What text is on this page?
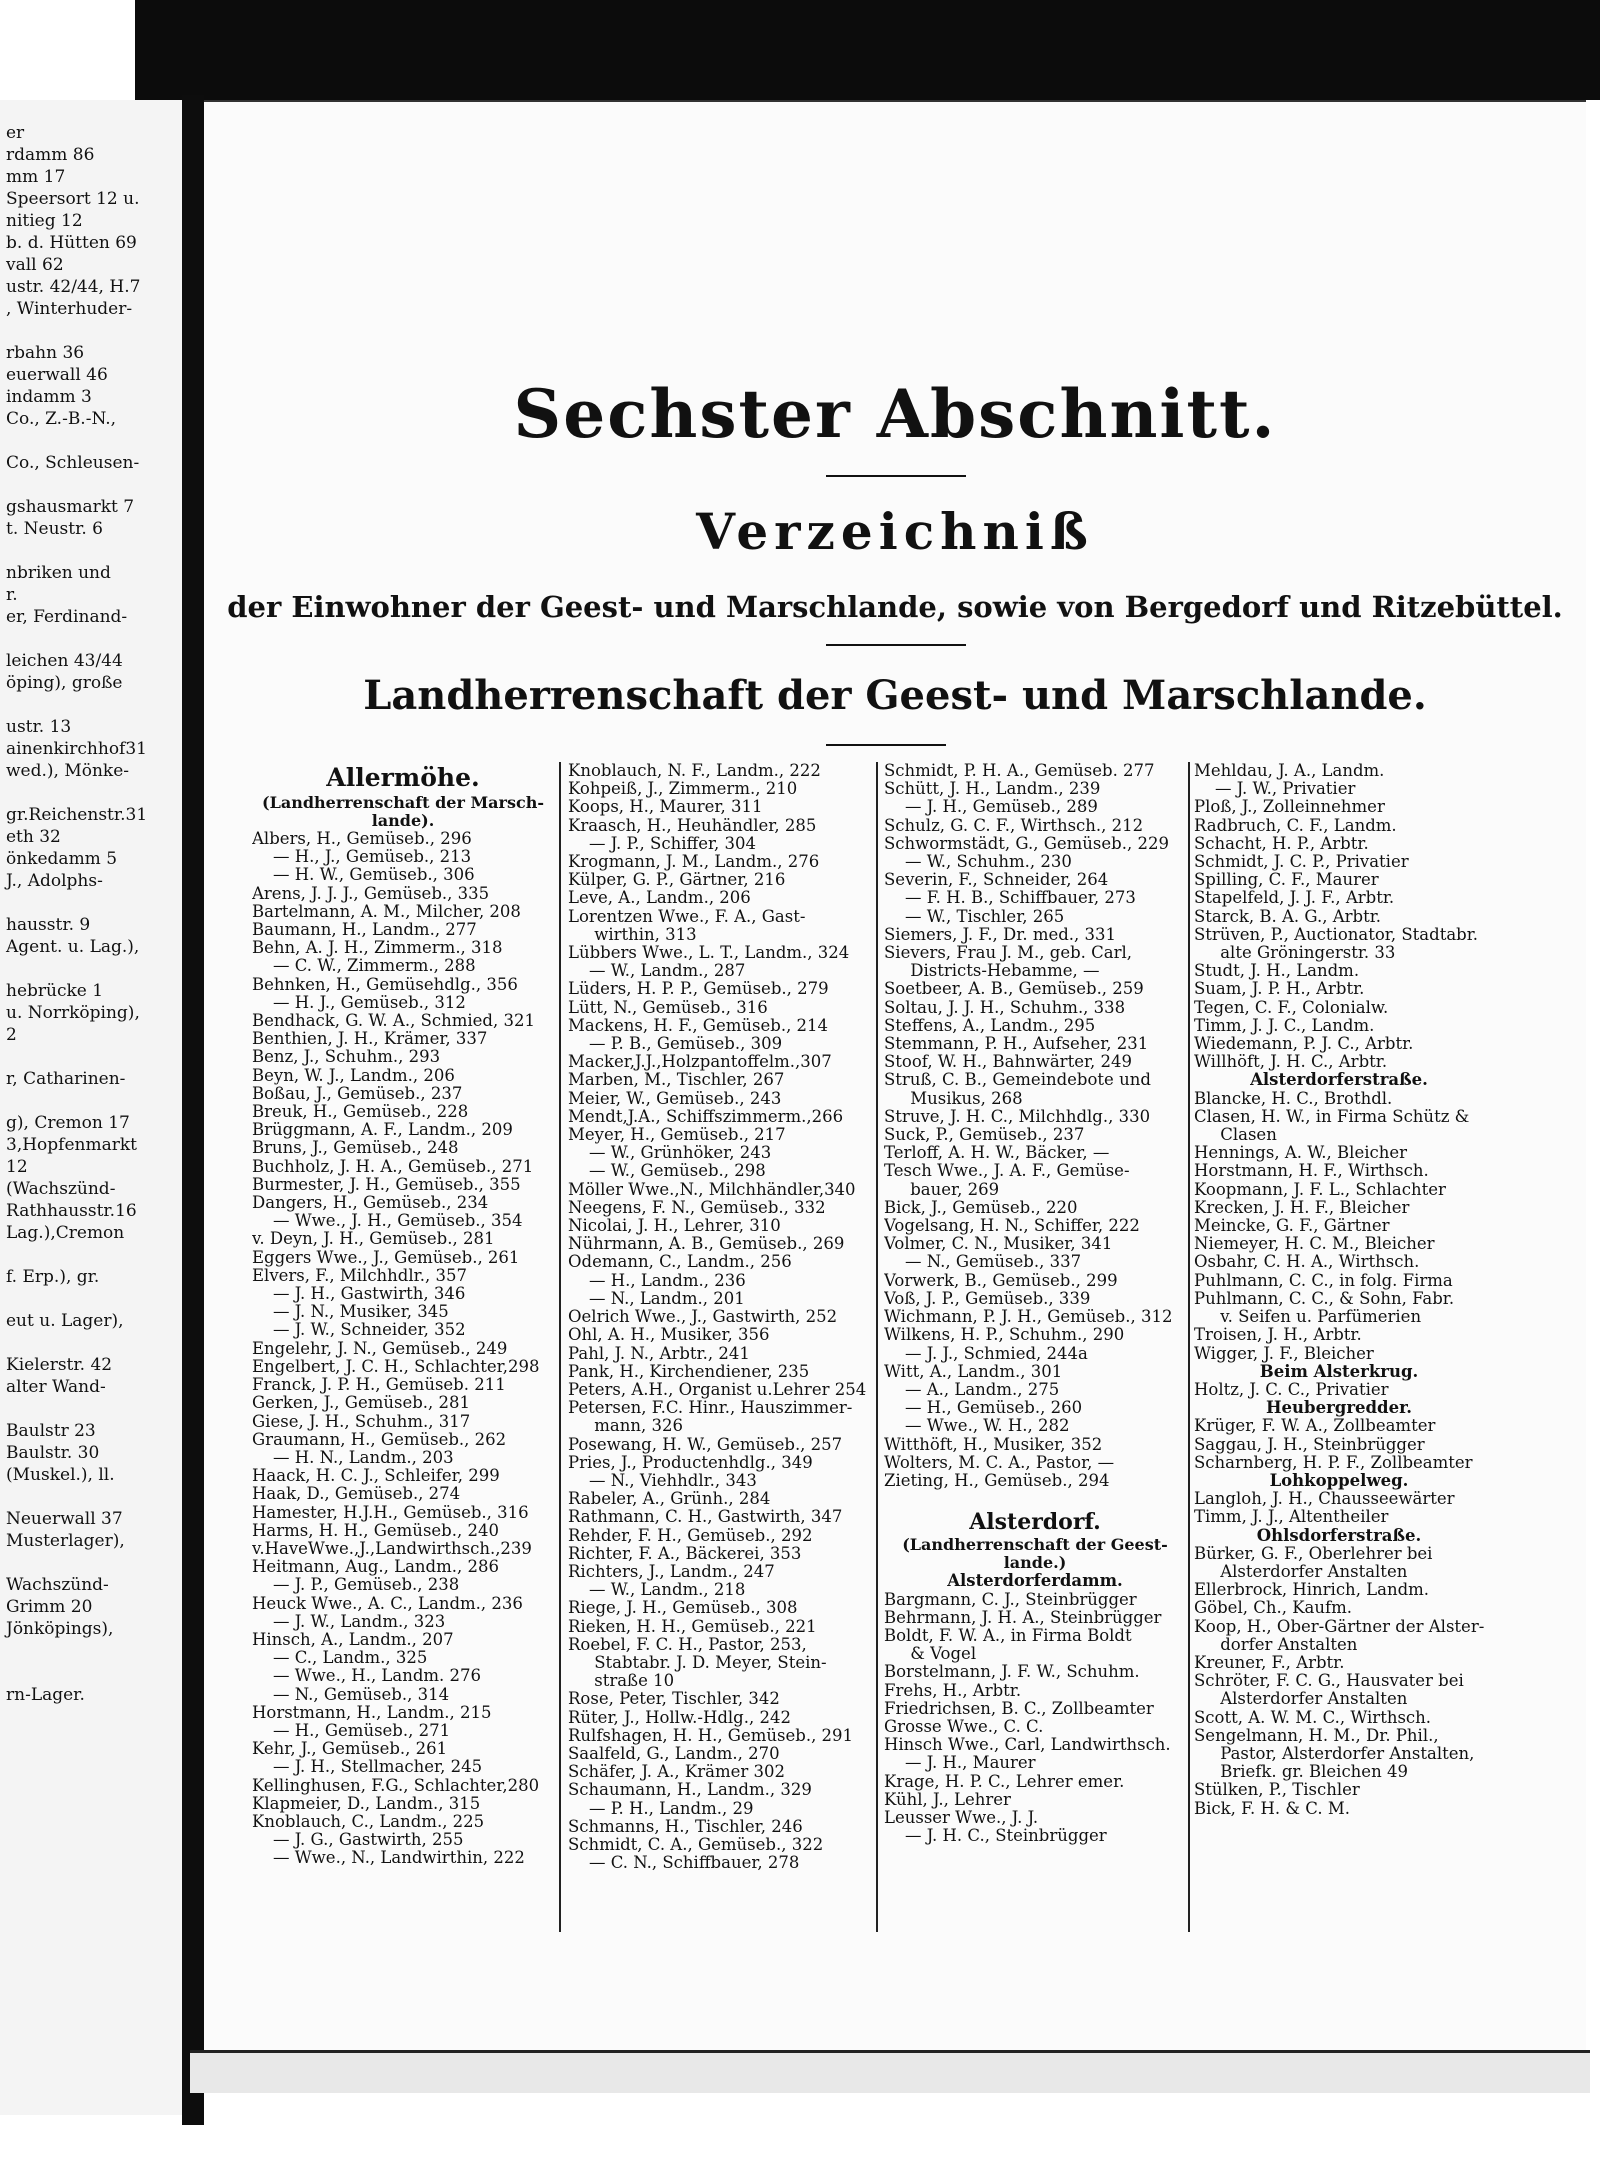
er
rdamm 86
mm 17
Speersort 12 u.
nitieg 12
b. d. Hütten 69
vall 62
ustr. 42/44, H.7
, Winterhuder-

rbahn 36
euerwall 46
indamm 3
Co., Z.-B.-N.,

Co., Schleusen-

gshausmarkt 7
t. Neustr. 6

nbriken und
r.
er, Ferdinand-

leichen 43/44
öping), große

ustr. 13
ainenkirchhof31
wed.), Mönke-

gr.Reichenstr.31
eth 32
önkedamm 5
J., Adolphs-

hausstr. 9
Agent. u. Lag.),

hebrücke 1
u. Norrköping),
2

r, Catharinen-

g), Cremon 17
3,Hopfenmarkt
12
(Wachszünd-
Rathhausstr.16
Lag.),Cremon

f. Erp.), gr.

eut u. Lager),

Kielerstr. 42
alter Wand-

Baulstr 23
Baulstr. 30
(Muskel.), ll.

Neuerwall 37
Musterlager),

Wachszünd-
Grimm 20
Jönköpings),

rn-Lager.
Sechster Abschnitt.
Verzeichniß
der Einwohner der Geest- und Marschlande, sowie von Bergedorf und Ritzebüttel.
Landherrenschaft der Geest- und Marschlande.
Allermöhe.
(Landherrenschaft der Marsch-
lande).
Albers, H., Gemüseb., 296
— H., J., Gemüseb., 213
— H. W., Gemüseb., 306
Arens, J. J. J., Gemüseb., 335
Bartelmann, A. M., Milcher, 208
Baumann, H., Landm., 277
Behn, A. J. H., Zimmerm., 318
— C. W., Zimmerm., 288
Behnken, H., Gemüsehdlg., 356
— H. J., Gemüseb., 312
Bendhack, G. W. A., Schmied, 321
Benthien, J. H., Krämer, 337
Benz, J., Schuhm., 293
Beyn, W. J., Landm., 206
Boßau, J., Gemüseb., 237
Breuk, H., Gemüseb., 228
Brüggmann, A. F., Landm., 209
Bruns, J., Gemüseb., 248
Buchholz, J. H. A., Gemüseb., 271
Burmester, J. H., Gemüseb., 355
Dangers, H., Gemüseb., 234
— Wwe., J. H., Gemüseb., 354
v. Deyn, J. H., Gemüseb., 281
Eggers Wwe., J., Gemüseb., 261
Elvers, F., Milchhdlr., 357
— J. H., Gastwirth, 346
— J. N., Musiker, 345
— J. W., Schneider, 352
Engelehr, J. N., Gemüseb., 249
Engelbert, J. C. H., Schlachter,298
Franck, J. P. H., Gemüseb. 211
Gerken, J., Gemüseb., 281
Giese, J. H., Schuhm., 317
Graumann, H., Gemüseb., 262
— H. N., Landm., 203
Haack, H. C. J., Schleifer, 299
Haak, D., Gemüseb., 274
Hamester, H.J.H., Gemüseb., 316
Harms, H. H., Gemüseb., 240
v.HaveWwe.,J.,Landwirthsch.,239
Heitmann, Aug., Landm., 286
— J. P., Gemüseb., 238
Heuck Wwe., A. C., Landm., 236
— J. W., Landm., 323
Hinsch, A., Landm., 207
— C., Landm., 325
— Wwe., H., Landm. 276
— N., Gemüseb., 314
Horstmann, H., Landm., 215
— H., Gemüseb., 271
Kehr, J., Gemüseb., 261
— J. H., Stellmacher, 245
Kellinghusen, F.G., Schlachter,280
Klapmeier, D., Landm., 315
Knoblauch, C., Landm., 225
— J. G., Gastwirth, 255
— Wwe., N., Landwirthin, 222
Knoblauch, N. F., Landm., 222
Kohpeiß, J., Zimmerm., 210
Koops, H., Maurer, 311
Kraasch, H., Heuhändler, 285
— J. P., Schiffer, 304
Krogmann, J. M., Landm., 276
Külper, G. P., Gärtner, 216
Leve, A., Landm., 206
Lorentzen Wwe., F. A., Gast-
wirthin, 313
Lübbers Wwe., L. T., Landm., 324
— W., Landm., 287
Lüders, H. P. P., Gemüseb., 279
Lütt, N., Gemüseb., 316
Mackens, H. F., Gemüseb., 214
— P. B., Gemüseb., 309
Macker,J.J.,Holzpantoffelm.,307
Marben, M., Tischler, 267
Meier, W., Gemüseb., 243
Mendt,J.A., Schiffszimmerm.,266
Meyer, H., Gemüseb., 217
— W., Grünhöker, 243
— W., Gemüseb., 298
Möller Wwe.,N., Milchhändler,340
Neegens, F. N., Gemüseb., 332
Nicolai, J. H., Lehrer, 310
Nührmann, A. B., Gemüseb., 269
Odemann, C., Landm., 256
— H., Landm., 236
— N., Landm., 201
Oelrich Wwe., J., Gastwirth, 252
Ohl, A. H., Musiker, 356
Pahl, J. N., Arbtr., 241
Pank, H., Kirchendiener, 235
Peters, A.H., Organist u.Lehrer 254
Petersen, F.C. Hinr., Hauszimmer-
mann, 326
Posewang, H. W., Gemüseb., 257
Pries, J., Productenhdlg., 349
— N., Viehhdlr., 343
Rabeler, A., Grünh., 284
Rathmann, C. H., Gastwirth, 347
Rehder, F. H., Gemüseb., 292
Richter, F. A., Bäckerei, 353
Richters, J., Landm., 247
— W., Landm., 218
Riege, J. H., Gemüseb., 308
Rieken, H. H., Gemüseb., 221
Roebel, F. C. H., Pastor, 253,
Stabtabr. J. D. Meyer, Stein-
straße 10
Rose, Peter, Tischler, 342
Rüter, J., Hollw.-Hdlg., 242
Rulfshagen, H. H., Gemüseb., 291
Saalfeld, G., Landm., 270
Schäfer, J. A., Krämer 302
Schaumann, H., Landm., 329
— P. H., Landm., 29
Schmanns, H., Tischler, 246
Schmidt, C. A., Gemüseb., 322
— C. N., Schiffbauer, 278
Schmidt, P. H. A., Gemüseb. 277
Schütt, J. H., Landm., 239
— J. H., Gemüseb., 289
Schulz, G. C. F., Wirthsch., 212
Schwormstädt, G., Gemüseb., 229
— W., Schuhm., 230
Severin, F., Schneider, 264
— F. H. B., Schiffbauer, 273
— W., Tischler, 265
Siemers, J. F., Dr. med., 331
Sievers, Frau J. M., geb. Carl,
Districts-Hebamme, —
Soetbeer, A. B., Gemüseb., 259
Soltau, J. J. H., Schuhm., 338
Steffens, A., Landm., 295
Stemmann, P. H., Aufseher, 231
Stoof, W. H., Bahnwärter, 249
Struß, C. B., Gemeindebote und
Musikus, 268
Struve, J. H. C., Milchhdlg., 330
Suck, P., Gemüseb., 237
Terloff, A. H. W., Bäcker, —
Tesch Wwe., J. A. F., Gemüse-
bauer, 269
Bick, J., Gemüseb., 220
Vogelsang, H. N., Schiffer, 222
Volmer, C. N., Musiker, 341
— N., Gemüseb., 337
Vorwerk, B., Gemüseb., 299
Voß, J. P., Gemüseb., 339
Wichmann, P. J. H., Gemüseb., 312
Wilkens, H. P., Schuhm., 290
— J. J., Schmied, 244a
Witt, A., Landm., 301
— A., Landm., 275
— H., Gemüseb., 260
— Wwe., W. H., 282
Witthöft, H., Musiker, 352
Wolters, M. C. A., Pastor, —
Zieting, H., Gemüseb., 294

Alsterdorf.
(Landherrenschaft der Geest-
lande.)
Alsterdorferdamm.
Bargmann, C. J., Steinbrügger
Behrmann, J. H. A., Steinbrügger
Boldt, F. W. A., in Firma Boldt
& Vogel
Borstelmann, J. F. W., Schuhm.
Frehs, H., Arbtr.
Friedrichsen, B. C., Zollbeamter
Grosse Wwe., C. C.
Hinsch Wwe., Carl, Landwirthsch.
— J. H., Maurer
Krage, H. P. C., Lehrer emer.
Kühl, J., Lehrer
Leusser Wwe., J. J.
— J. H. C., Steinbrügger
Mehldau, J. A., Landm.
— J. W., Privatier
Ploß, J., Zolleinnehmer
Radbruch, C. F., Landm.
Schacht, H. P., Arbtr.
Schmidt, J. C. P., Privatier
Spilling, C. F., Maurer
Stapelfeld, J. J. F., Arbtr.
Starck, B. A. G., Arbtr.
Strüven, P., Auctionator, Stadtabr.
alte Gröningerstr. 33
Studt, J. H., Landm.
Suam, J. P. H., Arbtr.
Tegen, C. F., Colonialw.
Timm, J. J. C., Landm.
Wiedemann, P. J. C., Arbtr.
Willhöft, J. H. C., Arbtr.
Alsterdorferstraße.
Blancke, H. C., Brothdl.
Clasen, H. W., in Firma Schütz &
Clasen
Hennings, A. W., Bleicher
Horstmann, H. F., Wirthsch.
Koopmann, J. F. L., Schlachter
Krecken, J. H. F., Bleicher
Meincke, G. F., Gärtner
Niemeyer, H. C. M., Bleicher
Osbahr, C. H. A., Wirthsch.
Puhlmann, C. C., in folg. Firma
Puhlmann, C. C., & Sohn, Fabr.
v. Seifen u. Parfümerien
Troisen, J. H., Arbtr.
Wigger, J. F., Bleicher
Beim Alsterkrug.
Holtz, J. C. C., Privatier
Heubergredder.
Krüger, F. W. A., Zollbeamter
Saggau, J. H., Steinbrügger
Scharnberg, H. P. F., Zollbeamter
Lohkoppelweg.
Langloh, J. H., Chausseewärter
Timm, J. J., Altentheiler
Ohlsdorferstraße.
Bürker, G. F., Oberlehrer bei
Alsterdorfer Anstalten
Ellerbrock, Hinrich, Landm.
Göbel, Ch., Kaufm.
Koop, H., Ober-Gärtner der Alster-
dorfer Anstalten
Kreuner, F., Arbtr.
Schröter, F. C. G., Hausvater bei
Alsterdorfer Anstalten
Scott, A. W. M. C., Wirthsch.
Sengelmann, H. M., Dr. Phil.,
Pastor, Alsterdorfer Anstalten,
Briefk. gr. Bleichen 49
Stülken, P., Tischler
Bick, F. H. & C. M.
